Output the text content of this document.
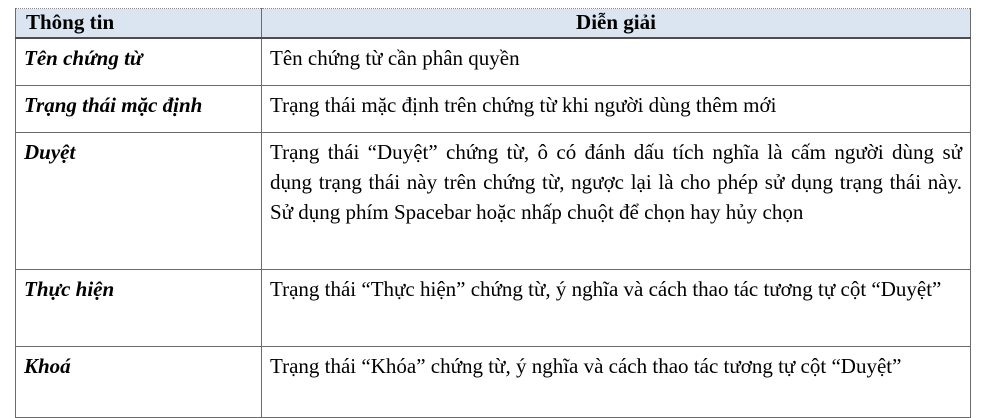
Thông tin	Diễn giải
Tên chứng từ	Tên chứng từ cần phân quyền
Trạng thái mặc định	Trạng thái mặc định trên chứng từ khi người dùng thêm mới
Duyệt	Trạng thái “Duyệt” chứng từ, ô có đánh dấu tích nghĩa là cấm người dùng sử dụng trạng thái này trên chứng từ, ngược lại là cho phép sử dụng trạng thái này. Sử dụng phím Spacebar hoặc nhấp chuột để chọn hay hủy chọn
Thực hiện	Trạng thái “Thực hiện” chứng từ, ý nghĩa và cách thao tác tương tự cột “Duyệt”
Khoá	Trạng thái “Khóa” chứng từ, ý nghĩa và cách thao tác tương tự cột “Duyệt”
